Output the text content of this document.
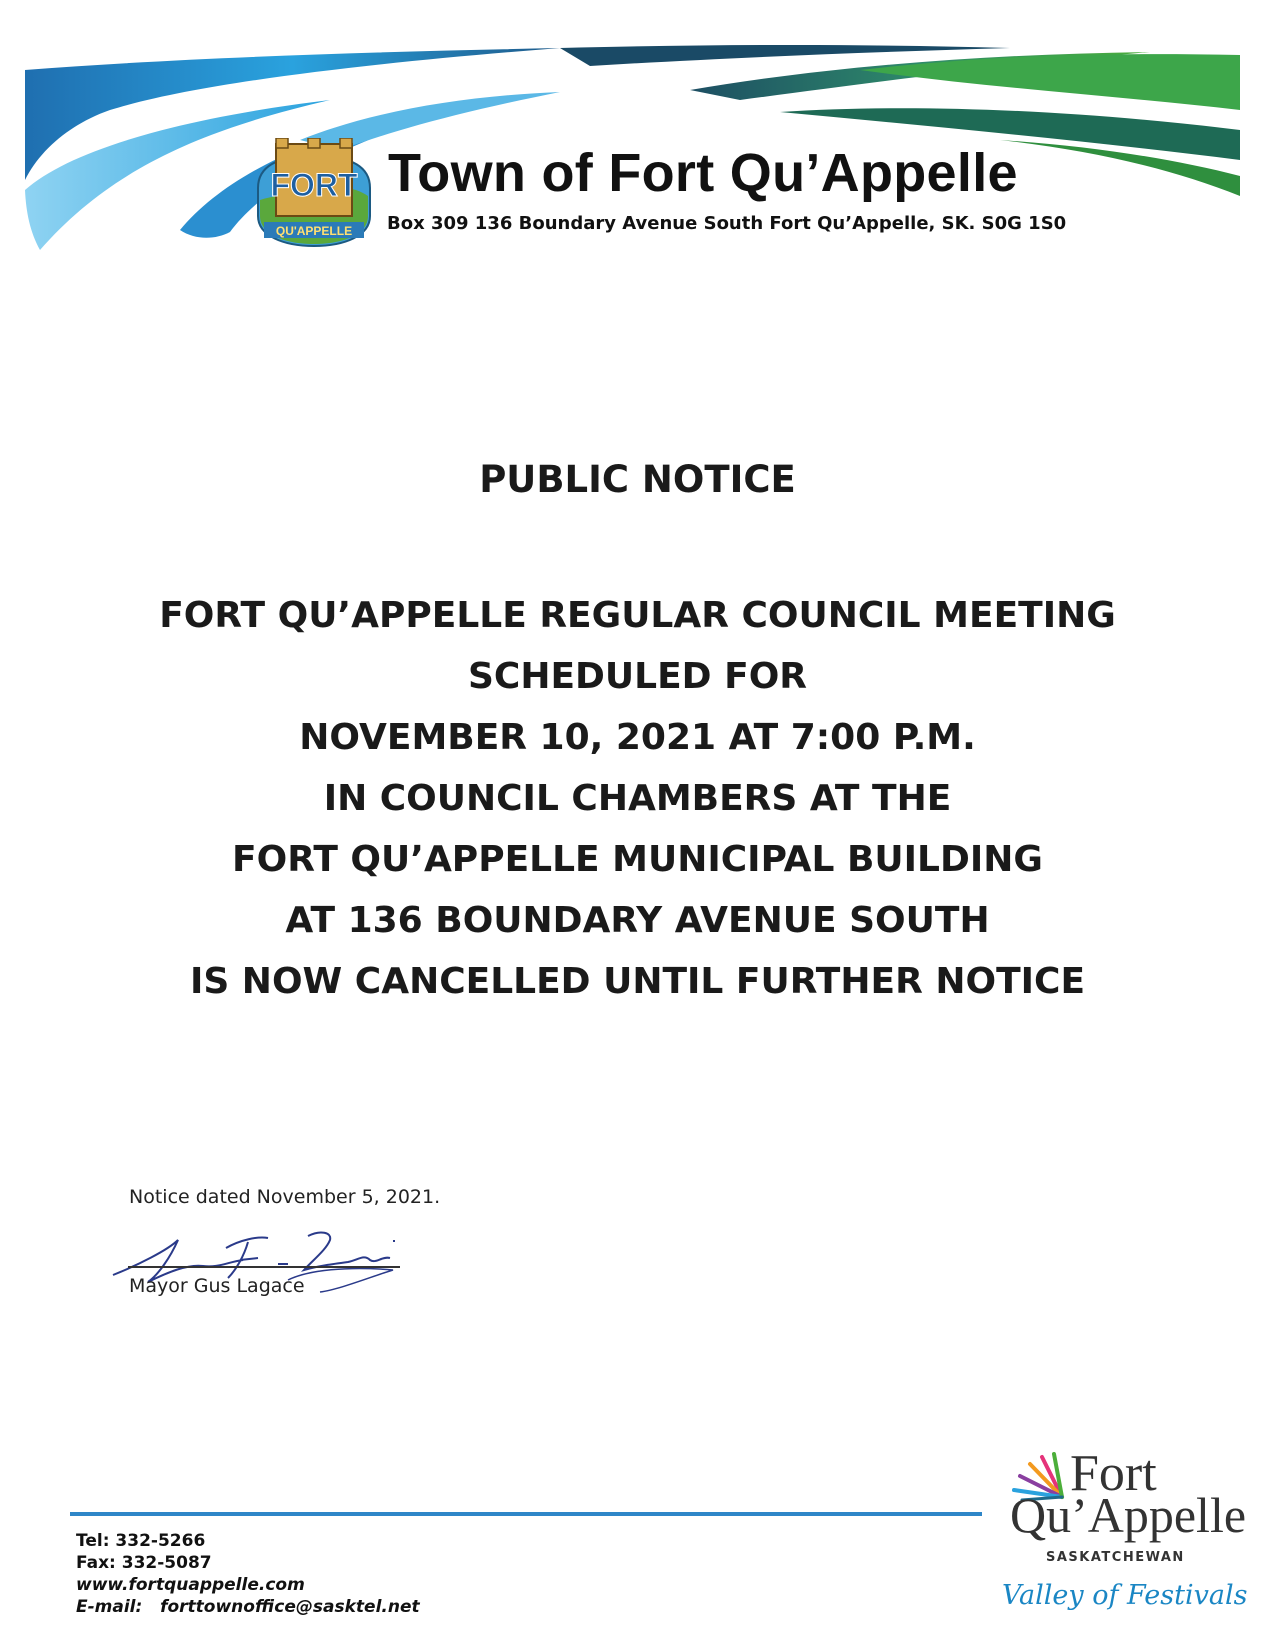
FORT
QU'APPELLE
Town of Fort Qu’Appelle
Box 309 136 Boundary Avenue South Fort Qu’Appelle, SK. S0G 1S0
PUBLIC NOTICE
FORT QU’APPELLE REGULAR COUNCIL MEETING
SCHEDULED FOR
NOVEMBER 10, 2021 AT 7:00 P.M.
IN COUNCIL CHAMBERS AT THE
FORT QU’APPELLE MUNICIPAL BUILDING
AT 136 BOUNDARY AVENUE SOUTH
IS NOW CANCELLED UNTIL FURTHER NOTICE
Notice dated November 5, 2021.
Mayor Gus Lagace
Tel: 332-5266
Fax: 332-5087
www.fortquappelle.com
E-mail: forttownoffice@sasktel.net
Fort
Qu’Appelle
SASKATCHEWAN
Valley of Festivals
